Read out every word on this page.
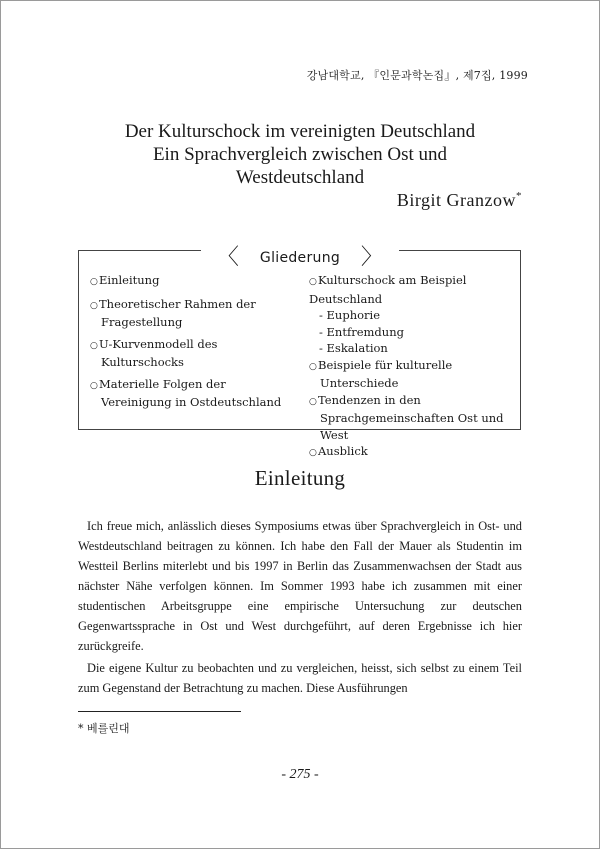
강남대학교, 『인문과학논집』, 제7집, 1999
Der Kulturschock im vereinigten Deutschland
Ein Sprachvergleich zwischen Ost und
Westdeutschland
Birgit Granzow*
〈 Gliederung 〉
○Einleitung
○Theoretischer Rahmen der
Fragestellung
○U-Kurvenmodell des
Kulturschocks
○Materielle Folgen der
Vereinigung in Ostdeutschland
○Kulturschock am Beispiel Deutschland
- Euphorie
- Entfremdung
- Eskalation
○Beispiele für kulturelle
Unterschiede
○Tendenzen in den
Sprachgemeinschaften Ost und West
○Ausblick
Einleitung

Ich freue mich, anlässlich dieses Symposiums etwas über Sprachvergleich in Ost- und Westdeutschland beitragen zu können. Ich habe den Fall der Mauer als Studentin im Westteil Berlins miterlebt und bis 1997 in Berlin das Zusammenwachsen der Stadt aus nächster Nähe verfolgen können. Im Sommer 1993 habe ich zusammen mit einer studentischen Arbeitsgruppe eine empirische Untersuchung zur deutschen Gegenwartssprache in Ost und West durchgeführt, auf deren Ergebnisse ich hier zurückgreife.

Die eigene Kultur zu beobachten und zu vergleichen, heisst, sich selbst zu einem Teil zum Gegenstand der Betrachtung zu machen. Diese Ausführungen

* 베를린대
- 275 -
